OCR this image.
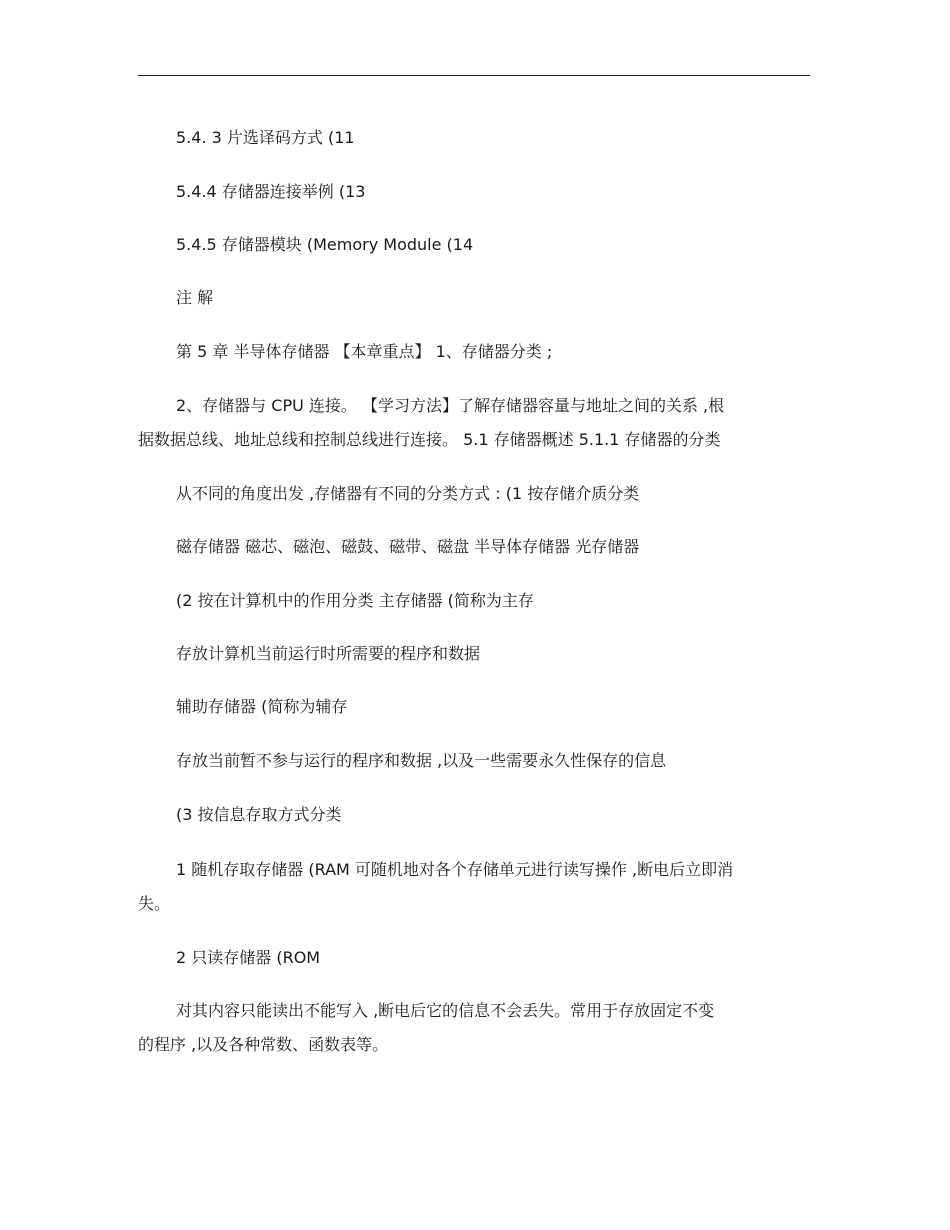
5.4. 3 片选译码方式 (11
5.4.4 存储器连接举例 (13
5.4.5 存储器模块 (Memory Module (14
注 解
第 5 章 半导体存储器 【本章重点】 1、存储器分类 ;
2、存储器与 CPU 连接。 【学习方法】了解存储器容量与地址之间的关系 ,根
据数据总线、地址总线和控制总线进行连接。 5.1 存储器概述 5.1.1 存储器的分类
从不同的角度出发 ,存储器有不同的分类方式 : (1 按存储介质分类
磁存储器 磁芯、磁泡、磁鼓、磁带、磁盘 半导体存储器 光存储器
(2 按在计算机中的作用分类 主存储器 (简称为主存
存放计算机当前运行时所需要的程序和数据
辅助存储器 (简称为辅存
存放当前暂不参与运行的程序和数据 ,以及一些需要永久性保存的信息
(3 按信息存取方式分类
1 随机存取存储器 (RAM 可随机地对各个存储单元进行读写操作 ,断电后立即消
失。
2 只读存储器 (ROM
对其内容只能读出不能写入 ,断电后它的信息不会丢失。常用于存放固定不变
的程序 ,以及各种常数、函数表等。
